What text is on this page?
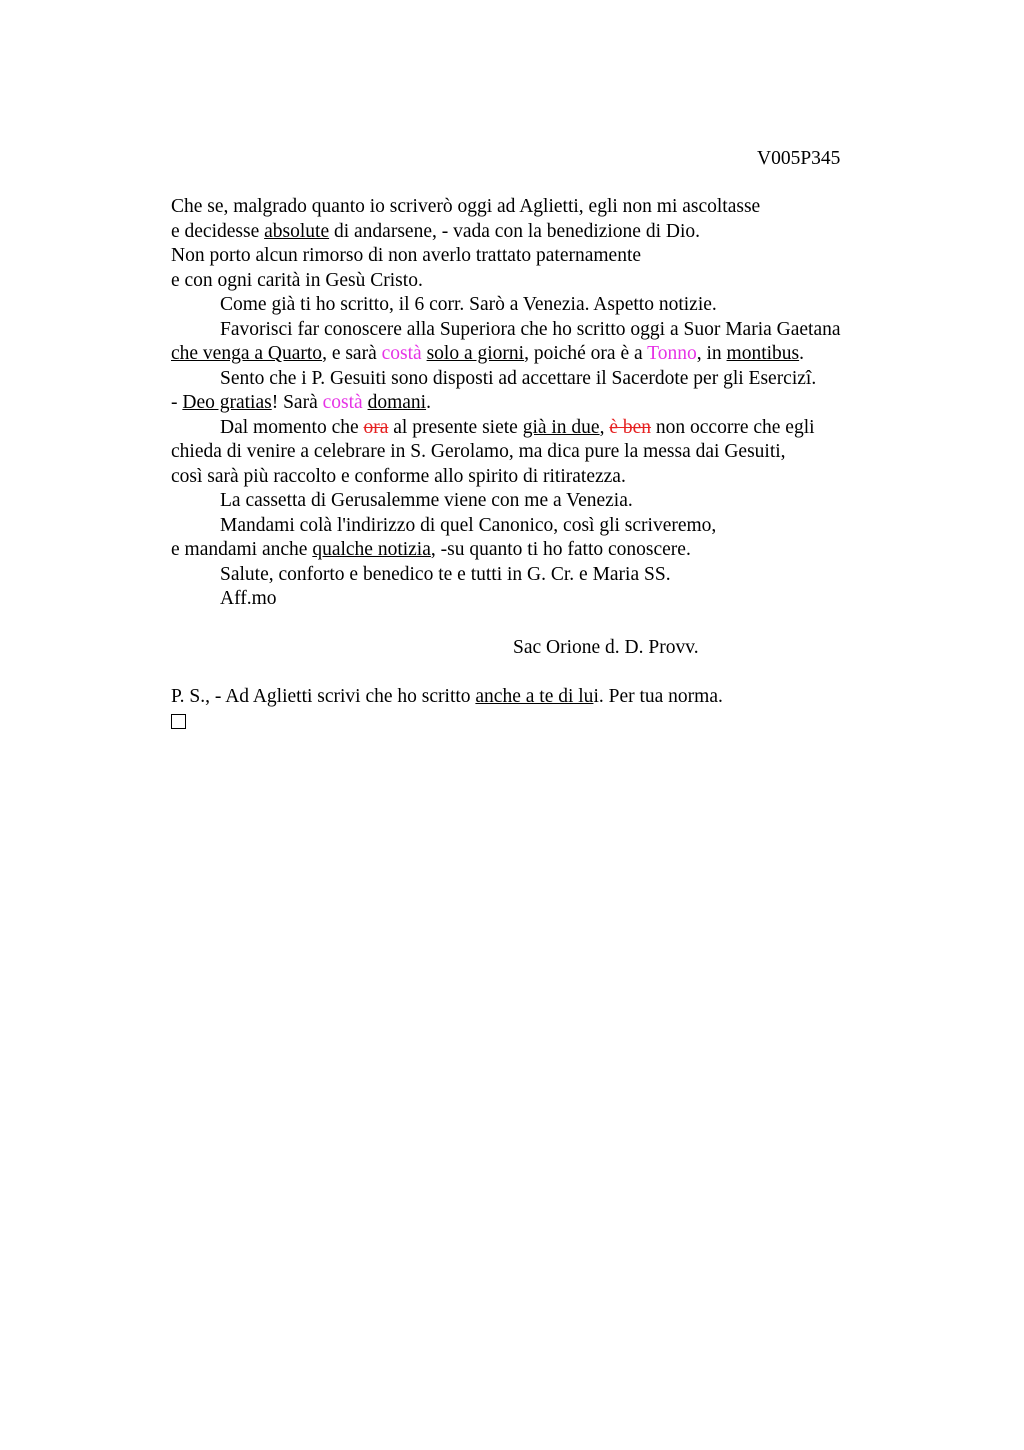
V005P345
Che se, malgrado quanto io scriverò oggi ad Aglietti, egli non mi ascoltasse
e decidesse absolute di andarsene, - vada con la benedizione di Dio.
Non porto alcun rimorso di non averlo trattato paternamente
e con ogni carità in Gesù Cristo.
Come già ti ho scritto, il 6 corr. Sarò a Venezia. Aspetto notizie.
Favorisci far conoscere alla Superiora che ho scritto oggi a Suor Maria Gaetana
che venga a Quarto, e sarà costà solo a giorni, poiché ora è a Tonno, in montibus.
Sento che i P. Gesuiti sono disposti ad accettare il Sacerdote per gli Esercizî.
- Deo gratias! Sarà costà domani.
Dal momento che ora al presente siete già in due, è ben non occorre che egli
chieda di venire a celebrare in S. Gerolamo, ma dica pure la messa dai Gesuiti,
così sarà più raccolto e conforme allo spirito di ritiratezza.
La cassetta di Gerusalemme viene con me a Venezia.
Mandami colà l'indirizzo di quel Canonico, così gli scriveremo,
e mandami anche qualche notizia, -su quanto ti ho fatto conoscere.
Salute, conforto e benedico te e tutti in G. Cr. e Maria SS.
Aff.mo
Sac Orione d. D. Provv.
P. S., - Ad Aglietti scrivi che ho scritto anche a te di lui. Per tua norma.
